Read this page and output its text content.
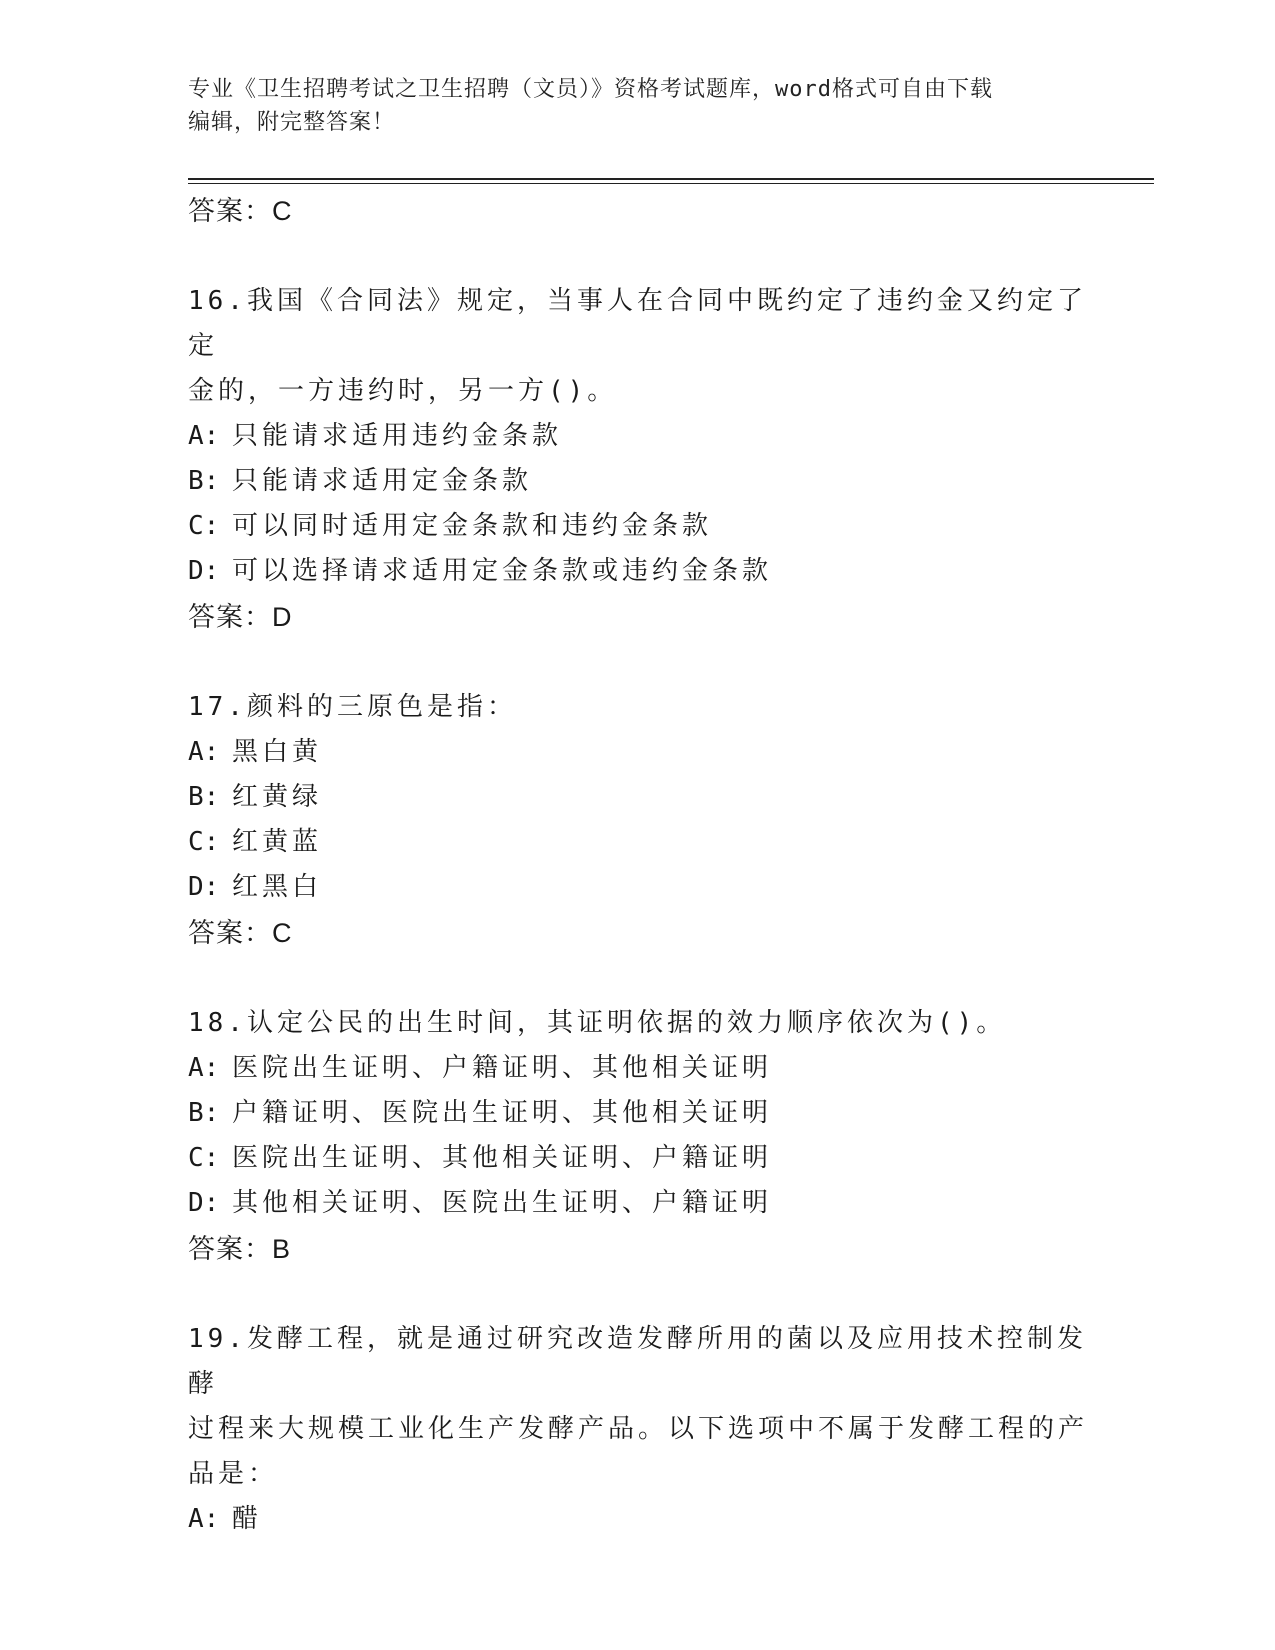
专业《卫生招聘考试之卫生招聘（文员）》资格考试题库，word格式可自由下载
编辑，附完整答案！
答案：C
16.我国《合同法》规定，当事人在合同中既约定了违约金又约定了定
金的，一方违约时，另一方()。
A: 只能请求适用违约金条款
B: 只能请求适用定金条款
C: 可以同时适用定金条款和违约金条款
D: 可以选择请求适用定金条款或违约金条款
答案：D
17.颜料的三原色是指：
A: 黑白黄
B: 红黄绿
C: 红黄蓝
D: 红黑白
答案：C
18.认定公民的出生时间，其证明依据的效力顺序依次为()。
A: 医院出生证明、户籍证明、其他相关证明
B: 户籍证明、医院出生证明、其他相关证明
C: 医院出生证明、其他相关证明、户籍证明
D: 其他相关证明、医院出生证明、户籍证明
答案：B
19.发酵工程，就是通过研究改造发酵所用的菌以及应用技术控制发酵
过程来大规模工业化生产发酵产品。以下选项中不属于发酵工程的产
品是：
A: 醋
